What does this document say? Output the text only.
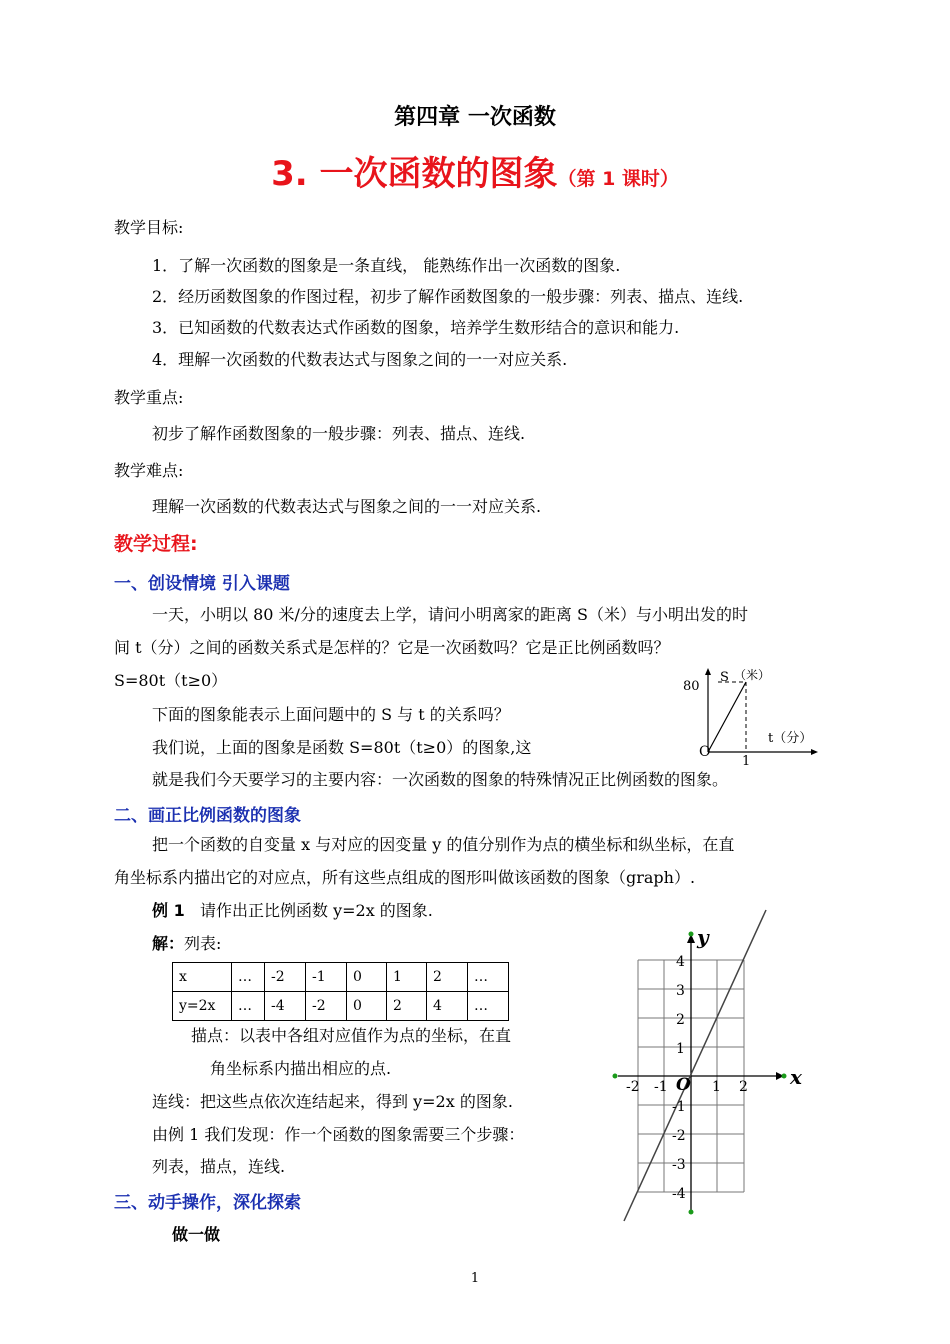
第四章 一次函数
3. 一次函数的图象（第 1 课时）
教学目标:
1．了解一次函数的图象是一条直线， 能熟练作出一次函数的图象.
2．经历函数图象的作图过程，初步了解作函数图象的一般步骤：列表、描点、连线.
3．已知函数的代数表达式作函数的图象，培养学生数形结合的意识和能力.
4．理解一次函数的代数表达式与图象之间的一一对应关系.
教学重点:
初步了解作函数图象的一般步骤：列表、描点、连线.
教学难点:
理解一次函数的代数表达式与图象之间的一一对应关系.
教学过程:
一、创设情境 引入课题
一天，小明以 80 米/分的速度去上学，请问小明离家的距离 S（米）与小明出发的时
间 t（分）之间的函数关系式是怎样的？它是一次函数吗？它是正比例函数吗？
S=80t（t≥0）
下面的图象能表示上面问题中的 S 与 t 的关系吗？
我们说，上面的图象是函数 S=80t（t≥0）的图象,这
就是我们今天要学习的主要内容：一次函数的图象的特殊情况正比例函数的图象。
80
S （米）
t（分）
1
O
二、画正比例函数的图象
把一个函数的自变量 x 与对应的因变量 y 的值分别作为点的横坐标和纵坐标，在直
角坐标系内描出它的对应点，所有这些点组成的图形叫做该函数的图象（graph）.
例 1 请作出正比例函数 y=2x 的图象.
解：列表:
x	…	-2	-1	0	1	2	…
y=2x	…	-4	-2	0	2	4	…
描点：以表中各组对应值作为点的坐标，在直
角坐标系内描出相应的点.
连线：把这些点依次连结起来，得到 y=2x 的图象.
由例 1 我们发现：作一个函数的图象需要三个步骤：
列表，描点，连线.
x
y
O
-2 -1	1 2
4
3
2
1
-1
-2
-3
-4
三、动手操作，深化探索
做一做
1
